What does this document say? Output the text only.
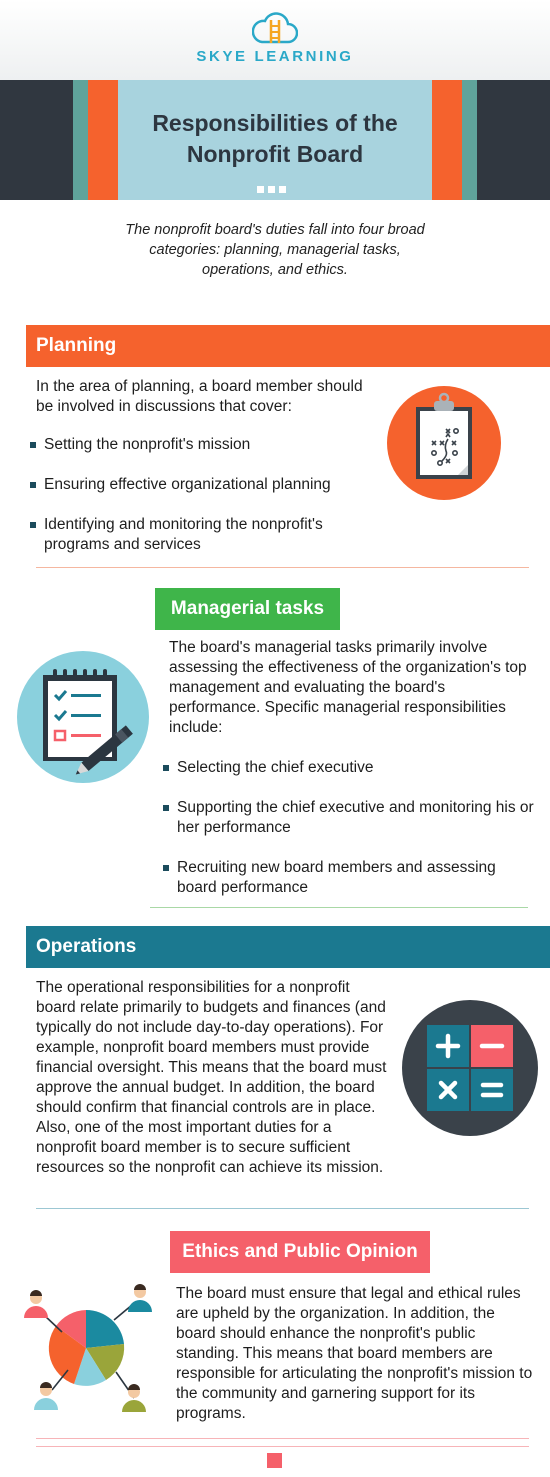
SKYE LEARNING
Responsibilities of the Nonprofit Board
The nonprofit board's duties fall into four broad categories: planning, managerial tasks, operations, and ethics.
Planning
In the area of planning, a board member should be involved in discussions that cover:
Setting the nonprofit's mission
Ensuring effective organizational planning
Identifying and monitoring the nonprofit's programs and services
Managerial tasks
The board's managerial tasks primarily involve assessing the effectiveness of the organization's top management and evaluating the board's performance. Specific managerial responsibilities include:
Selecting the chief executive
Supporting the chief executive and monitoring his or her performance
Recruiting new board members and assessing board performance
Operations
The operational responsibilities for a nonprofit board relate primarily to budgets and finances (and typically do not include day-to-day operations). For example, nonprofit board members must provide financial oversight. This means that the board must approve the annual budget. In addition, the board should confirm that financial controls are in place. Also, one of the most important duties for a nonprofit board member is to secure sufficient resources so the nonprofit can achieve its mission.
Ethics and Public Opinion
The board must ensure that legal and ethical rules are upheld by the organization. In addition, the board should enhance the nonprofit's public standing. This means that board members are responsible for articulating the nonprofit's mission to the community and garnering support for its programs.
